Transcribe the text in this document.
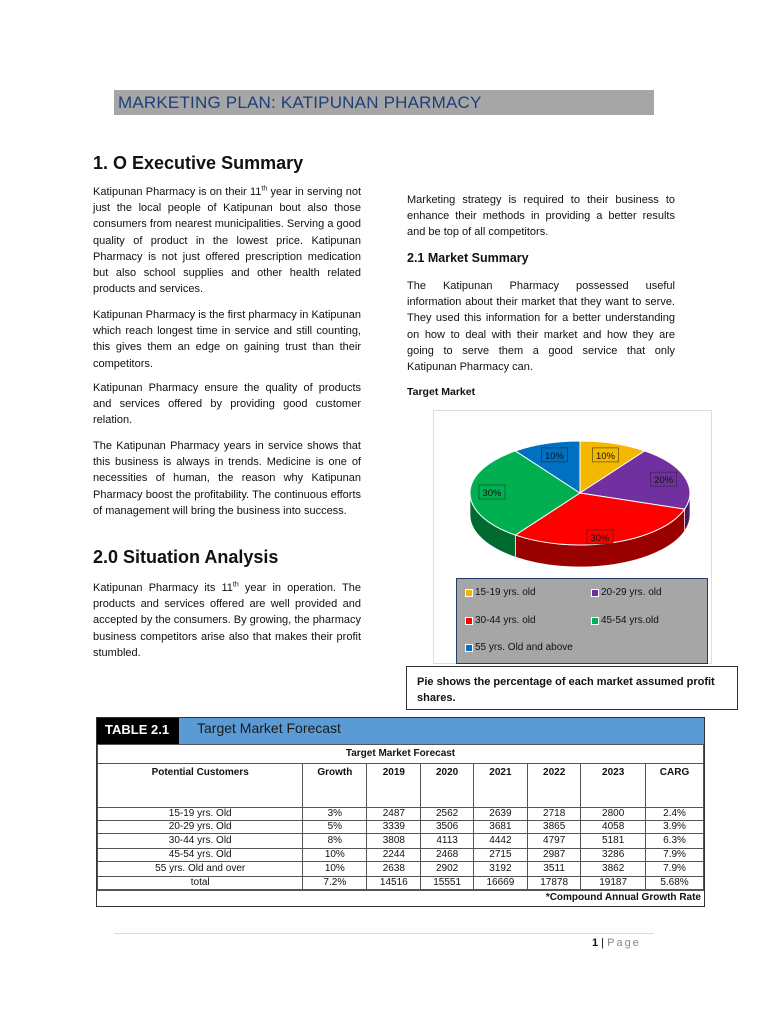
MARKETING PLAN: KATIPUNAN PHARMACY
1. O Executive Summary

Katipunan Pharmacy is on their 11th year in serving not just the local people of Katipunan bout also those consumers from nearest municipalities. Serving a good quality of product in the lowest price. Katipunan Pharmacy is not just offered prescription medication but also school supplies and other health related products and services.

Katipunan Pharmacy is the first pharmacy in Katipunan which reach longest time in service and still counting, this gives them an edge on gaining trust than their competitors.

Katipunan Pharmacy ensure the quality of products and services offered by providing good customer relation.

The Katipunan Pharmacy years in service shows that this business is always in trends. Medicine is one of necessities of human, the reason why Katipunan Pharmacy boost the profitability. The continuous efforts of management will bring the business into success.

2.0 Situation Analysis

Katipunan Pharmacy its 11th year in operation. The products and services offered are well provided and accepted by the consumers. By growing, the pharmacy business competitors arise also that makes their profit stumbled.

Marketing strategy is required to their business to enhance their methods in providing a better results and be top of all competitors.

2.1 Market Summary

The Katipunan Pharmacy possessed useful information about their market that they want to serve. They used this information for a better understanding on how to deal with their market and how they are going to serve them a good service that only Katipunan Pharmacy can.

Target Market
10%
20%
30%
30%
10%
15-19 yrs. old	20-29 yrs. old
30-44 yrs. old	45-54 yrs.old
55 yrs. Old and above
Pie shows the percentage of each market assumed profit shares.
TABLE 2.1	Target Market Forecast
Target Market Forecast							
Potential Customers	Growth	2019	2020	2021	2022	2023	CARG
15-19 yrs. Old	3%	2487	2562	2639	2718	2800	2.4%
20-29 yrs. Old	5%	3339	3506	3681	3865	4058	3.9%
30-44 yrs. Old	8%	3808	4113	4442	4797	5181	6.3%
45-54 yrs. Old	10%	2244	2468	2715	2987	3286	7.9%
55 yrs. Old and over	10%	2638	2902	3192	3511	3862	7.9%
total	7.2%	14516	15551	16669	17878	19187	5.68%
*Compound Annual Growth Rate
1 | Page
